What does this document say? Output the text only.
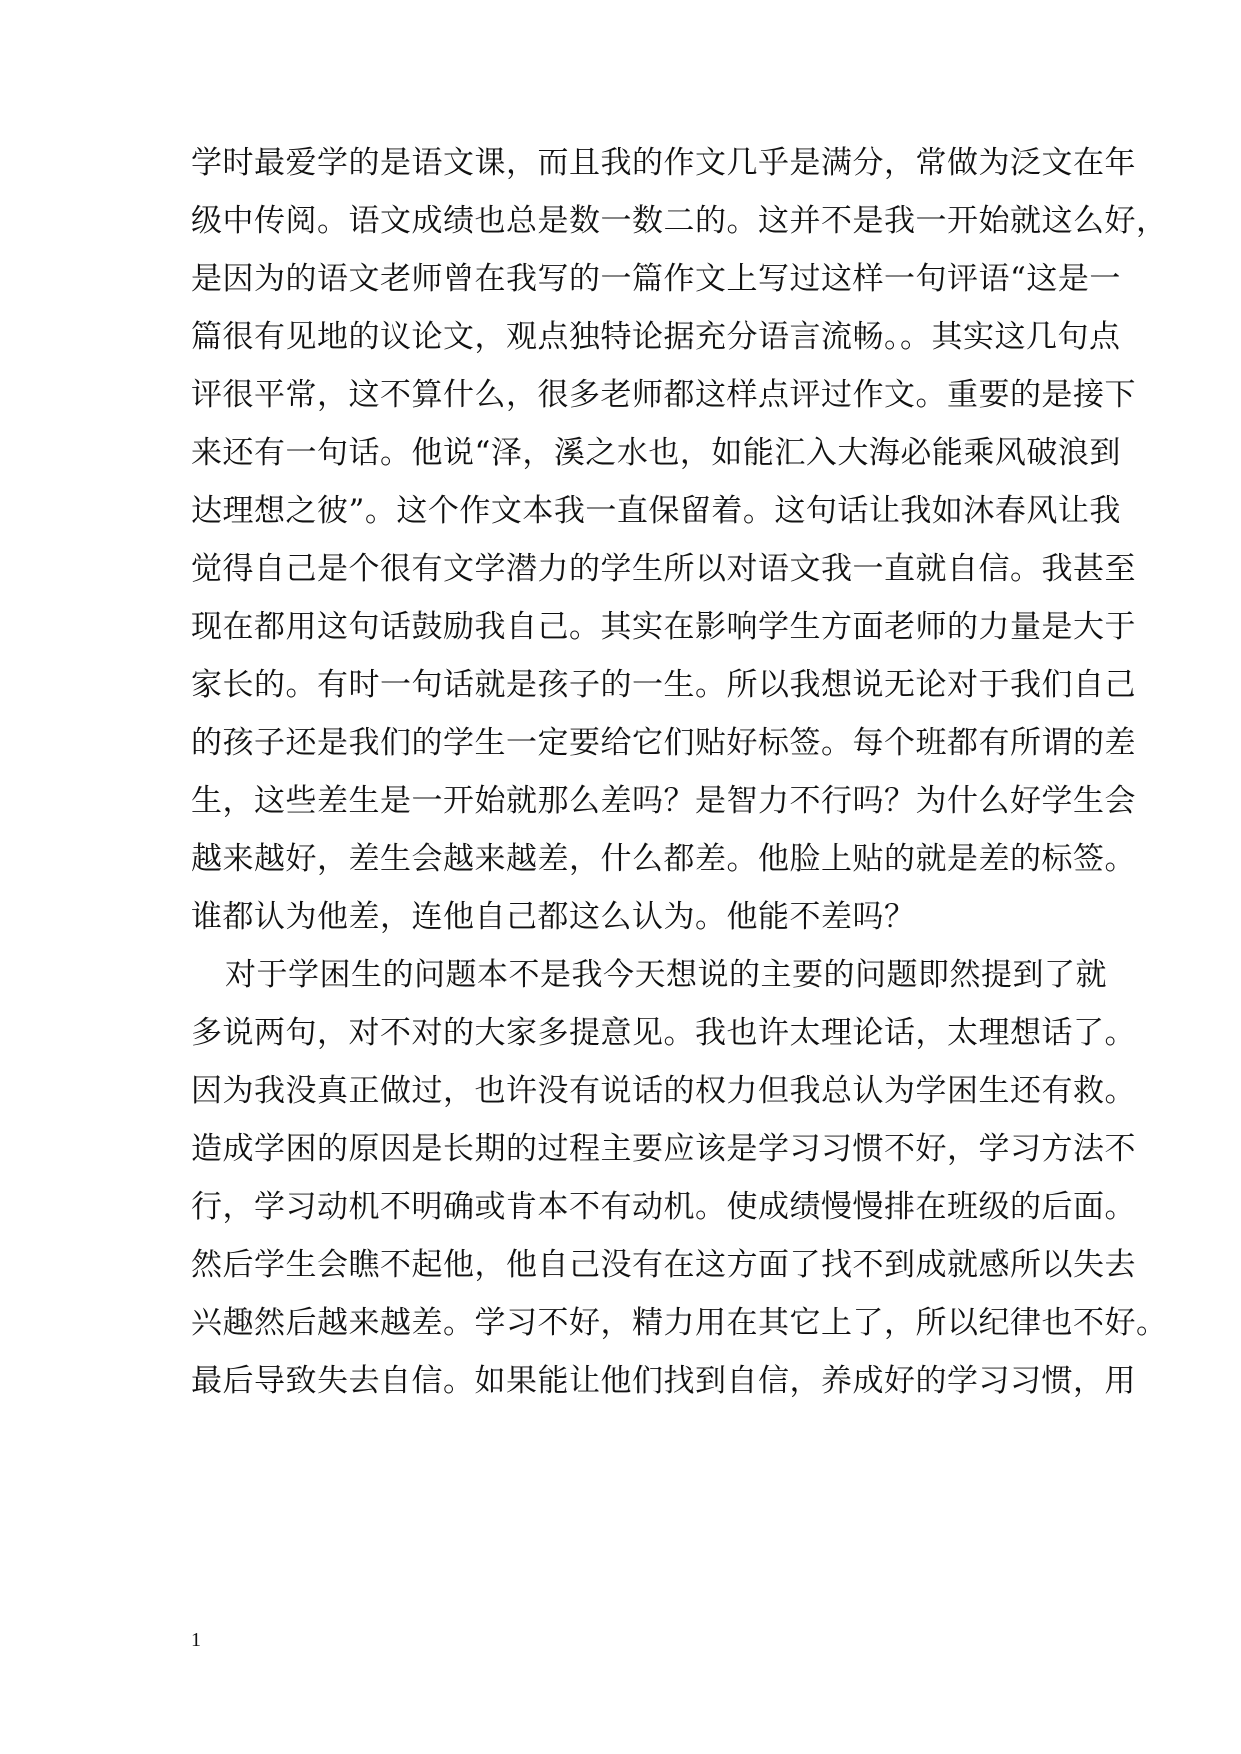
学时最爱学的是语文课，而且我的作文几乎是满分，常做为泛文在年
级中传阅。语文成绩也总是数一数二的。这并不是我一开始就这么好，
是因为的语文老师曾在我写的一篇作文上写过这样一句评语“这是一
篇很有见地的议论文，观点独特论据充分语言流畅。。其实这几句点
评很平常，这不算什么，很多老师都这样点评过作文。重要的是接下
来还有一句话。他说“泽，溪之水也，如能汇入大海必能乘风破浪到
达理想之彼”。这个作文本我一直保留着。这句话让我如沐春风让我
觉得自己是个很有文学潜力的学生所以对语文我一直就自信。我甚至
现在都用这句话鼓励我自己。其实在影响学生方面老师的力量是大于
家长的。有时一句话就是孩子的一生。所以我想说无论对于我们自己
的孩子还是我们的学生一定要给它们贴好标签。每个班都有所谓的差
生，这些差生是一开始就那么差吗？是智力不行吗？为什么好学生会
越来越好，差生会越来越差，什么都差。他脸上贴的就是差的标签。
谁都认为他差，连他自己都这么认为。他能不差吗？
对于学困生的问题本不是我今天想说的主要的问题即然提到了就
多说两句，对不对的大家多提意见。我也许太理论话，太理想话了。
因为我没真正做过，也许没有说话的权力但我总认为学困生还有救。
造成学困的原因是长期的过程主要应该是学习习惯不好，学习方法不
行，学习动机不明确或肯本不有动机。使成绩慢慢排在班级的后面。
然后学生会瞧不起他，他自己没有在这方面了找不到成就感所以失去
兴趣然后越来越差。学习不好，精力用在其它上了，所以纪律也不好。
最后导致失去自信。如果能让他们找到自信，养成好的学习习惯，用
1
